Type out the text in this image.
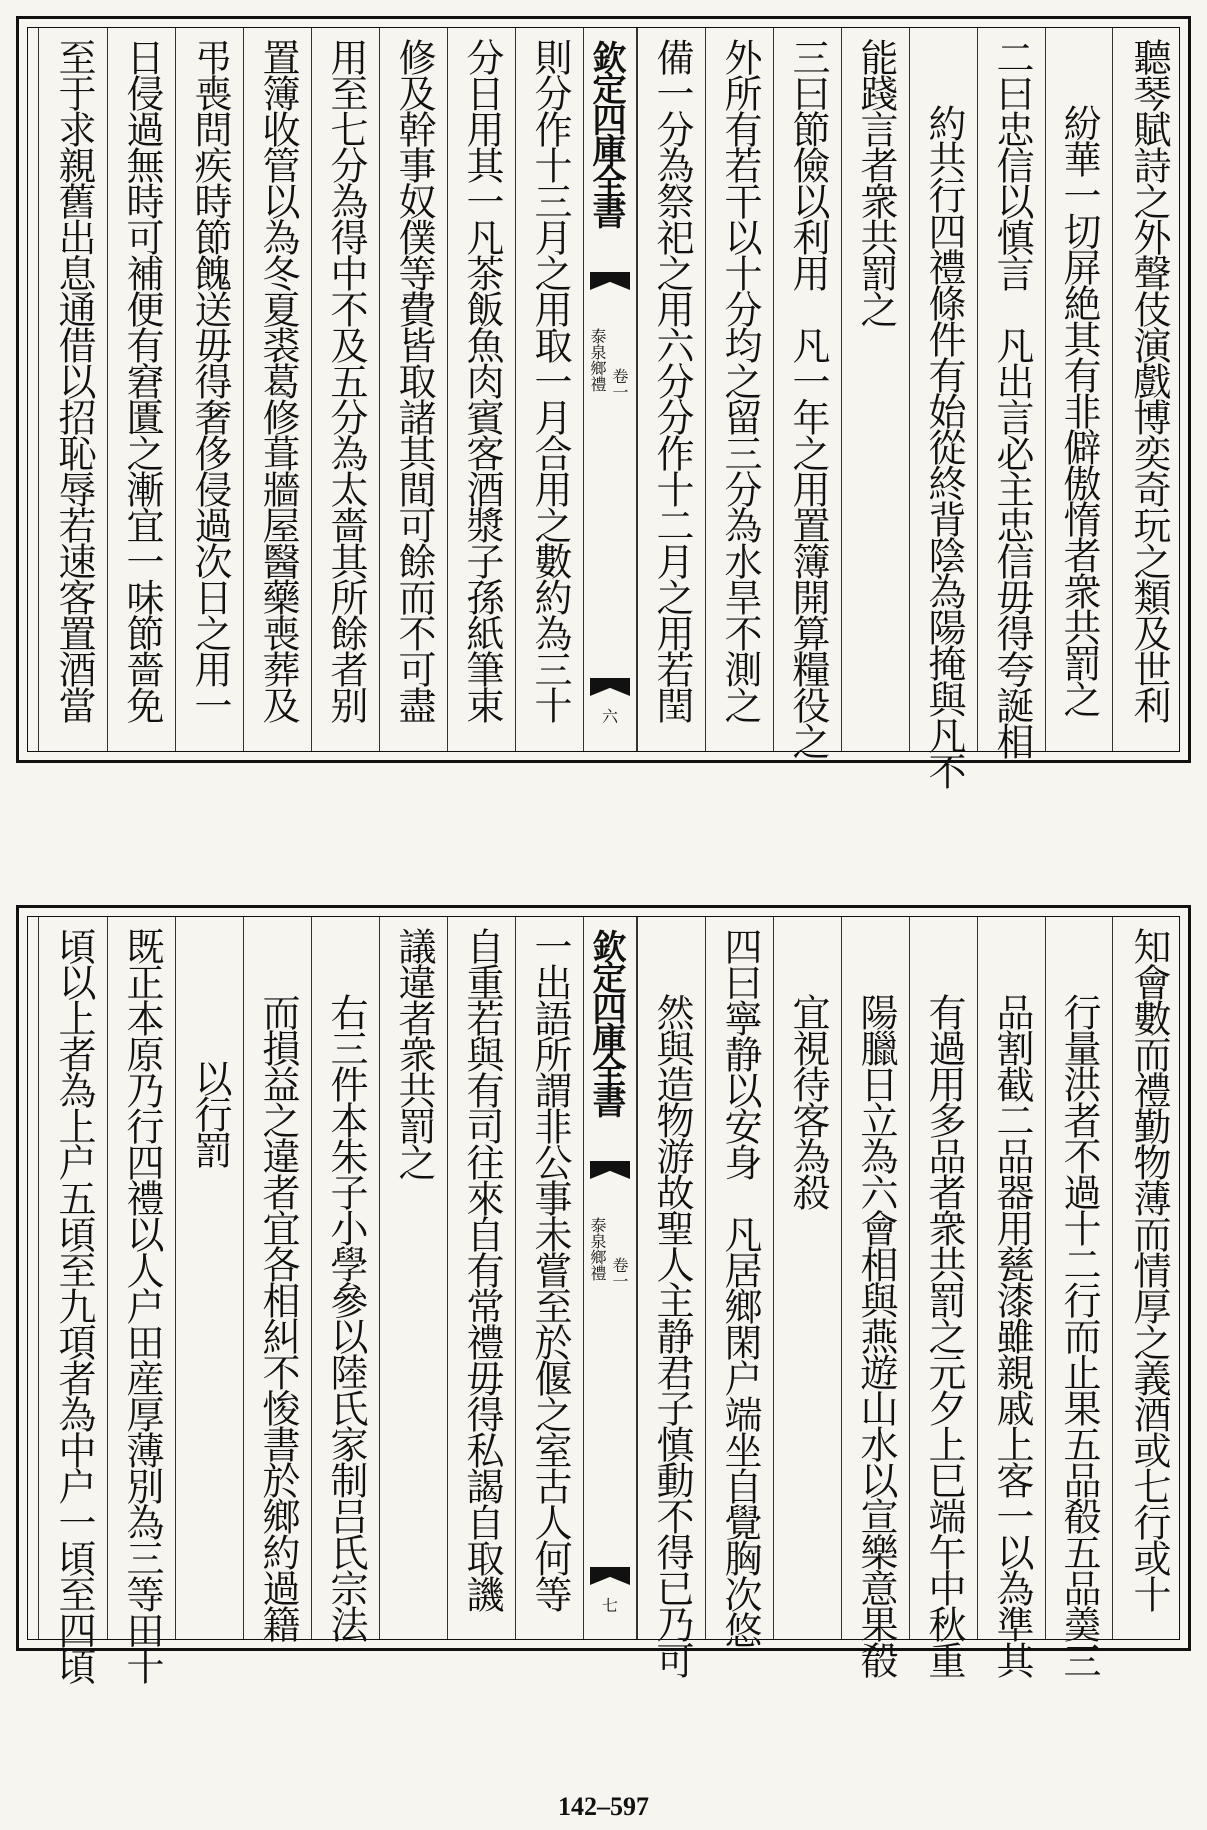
聽琴賦詩之外聲伎演戲博奕奇玩之類及世利
紛華一切屏絶其有非僻傲惰者衆共罰之
二曰忠信以慎言　凡出言必主忠信毋得夸誕相
約共行四禮條件有始從終背陰為陽掩與凡不
能踐言者衆共罰之
三曰節儉以利用　凡一年之用置簿開算糧役之
外所有若干以十分均之留三分為水旱不測之
備一分為祭祀之用六分分作十二月之用若閏
欽定四庫全書
泰泉鄉禮 卷一
六
則分作十三月之用取一月合用之數約為三十
分日用其一凡茶飯魚肉賓客酒漿子孫紙筆束
修及幹事奴僕等費皆取諸其間可餘而不可盡
用至七分為得中不及五分為太嗇其所餘者别
置簿收管以為冬夏裘葛修葺牆屋醫藥喪葬及
弔喪問疾時節餽送毋得奢侈侵過次日之用一
日侵過無時可補便有窘匱之漸宜一味節嗇免
至于求親舊出息通借以招恥辱若速客置酒當
知會數而禮勤物薄而情厚之義酒或七行或十
行量洪者不過十二行而止果五品殽五品羮三
品割截二品器用甆漆雖親戚上客一以為準其
有過用多品者衆共罰之元夕上巳端午中秋重
陽臘日立為六會相與燕遊山水以宣樂意果殽
宜視待客為殺
四曰寧静以安身　凡居鄉閑户端坐自覺胸次悠
然與造物游故聖人主静君子慎動不得已乃可
欽定四庫全書
泰泉鄉禮 卷一
七
一出語所謂非公事未嘗至於偃之室古人何等
自重若與有司往來自有常禮毋得私謁自取譏
議違者衆共罰之
右三件本朱子小學參以陸氏家制吕氏宗法
而損益之違者宜各相糾不悛書於鄉約過籍
以行罰
既正本原乃行四禮以人户田産厚薄別為三等田十
頃以上者為上户五頃至九項者為中户一頃至四頃
142–597
